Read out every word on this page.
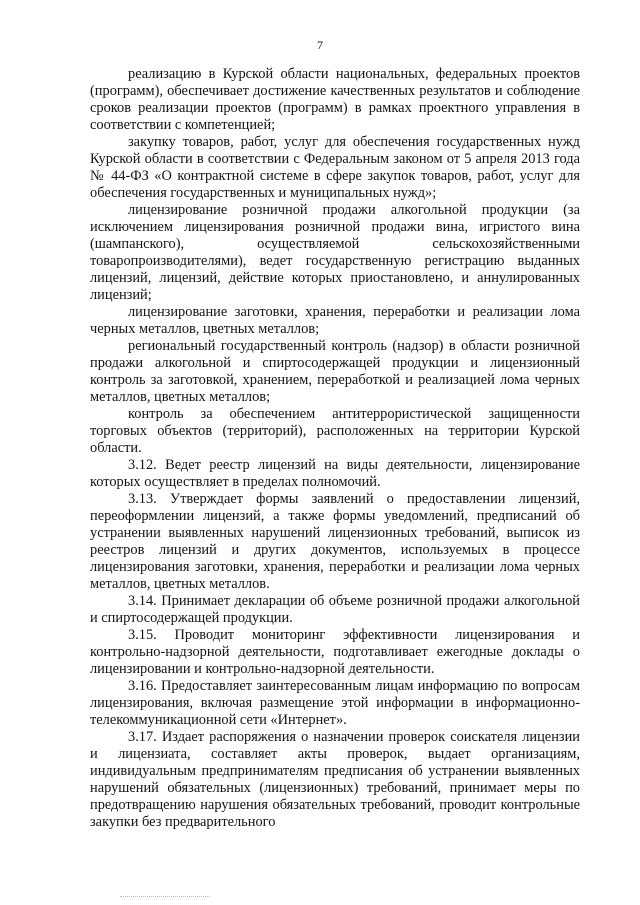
7

реализацию в Курской области национальных, федеральных проектов (программ), обеспечивает достижение качественных результатов и соблюдение сроков реализации проектов (программ) в рамках проектного управления в соответствии с компетенцией;

закупку товаров, работ, услуг для обеспечения государственных нужд Курской области в соответствии с Федеральным законом от 5 апреля 2013 года № 44-ФЗ «О контрактной системе в сфере закупок товаров, работ, услуг для обеспечения государственных и муниципальных нужд»;

лицензирование розничной продажи алкогольной продукции (за исключением лицензирования розничной продажи вина, игристого вина (шампанского), осуществляемой сельскохозяйственными товаропроизводителями), ведет государственную регистрацию выданных лицензий, лицензий, действие которых приостановлено, и аннулированных лицензий;

лицензирование заготовки, хранения, переработки и реализации лома черных металлов, цветных металлов;

региональный государственный контроль (надзор) в области розничной продажи алкогольной и спиртосодержащей продукции и лицензионный контроль за заготовкой, хранением, переработкой и реализацией лома черных металлов, цветных металлов;

контроль за обеспечением антитеррористической защищенности торговых объектов (территорий), расположенных на территории Курской области.

3.12. Ведет реестр лицензий на виды деятельности, лицензирование которых осуществляет в пределах полномочий.

3.13. Утверждает формы заявлений о предоставлении лицензий, переоформлении лицензий, а также формы уведомлений, предписаний об устранении выявленных нарушений лицензионных требований, выписок из реестров лицензий и других документов, используемых в процессе лицензирования заготовки, хранения, переработки и реализации лома черных металлов, цветных металлов.

3.14. Принимает декларации об объеме розничной продажи алкогольной и спиртосодержащей продукции.

3.15. Проводит мониторинг эффективности лицензирования и контрольно-надзорной деятельности, подготавливает ежегодные доклады о лицензировании и контрольно-надзорной деятельности.

3.16. Предоставляет заинтересованным лицам информацию по вопросам лицензирования, включая размещение этой информации в информационно-телекоммуникационной сети «Интернет».

3.17. Издает распоряжения о назначении проверок соискателя лицензии и лицензиата, составляет акты проверок, выдает организациям, индивидуальным предпринимателям предписания об устранении выявленных нарушений обязательных (лицензионных) требований, принимает меры по предотвращению нарушения обязательных требований, проводит контрольные закупки без предварительного
